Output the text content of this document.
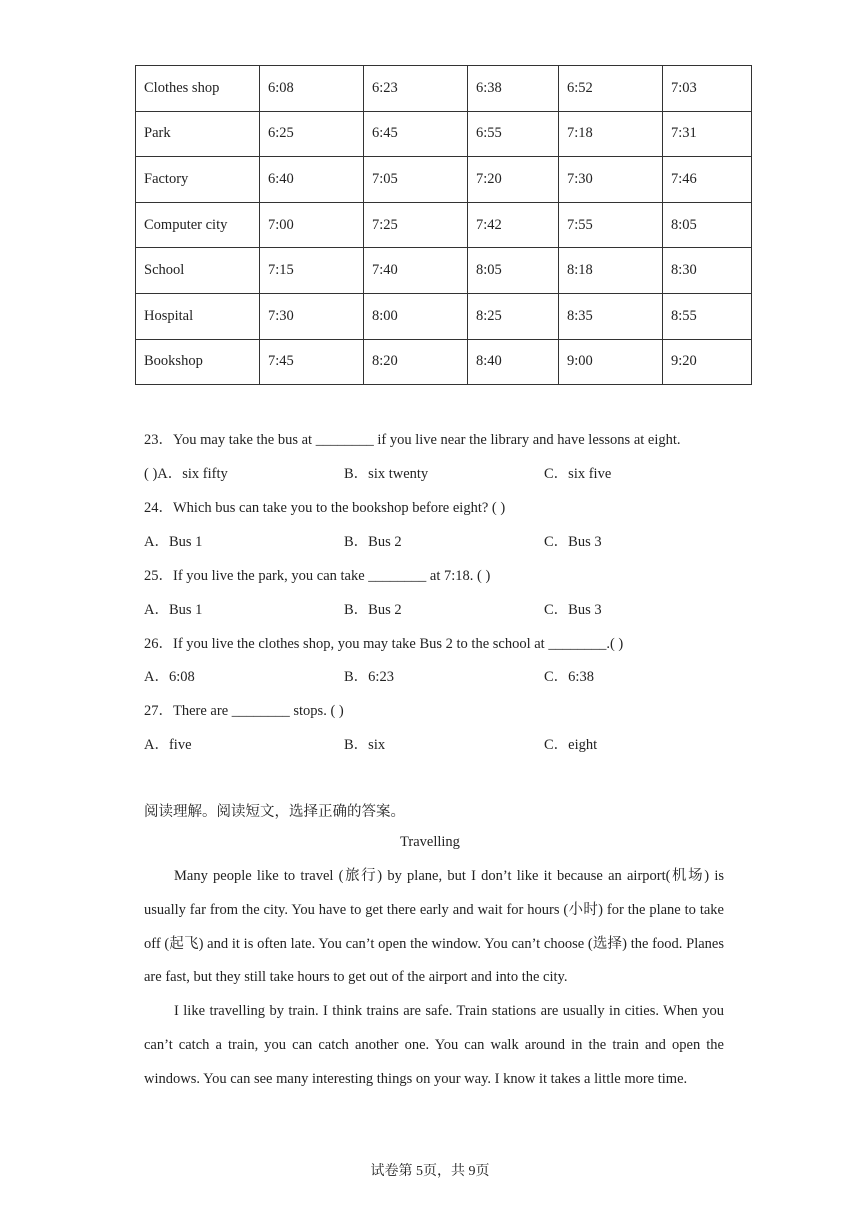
Clothes shop	6:08	6:23	6:38	6:52	7:03
Park	6:25	6:45	6:55	7:18	7:31
Factory	6:40	7:05	7:20	7:30	7:46
Computer city	7:00	7:25	7:42	7:55	8:05
School	7:15	7:40	8:05	8:18	8:30
Hospital	7:30	8:00	8:25	8:35	8:55
Bookshop	7:45	8:20	8:40	9:00	9:20
23．You may take the bus at ________ if you live near the library and have lessons at eight.
( )A．six fifty	B．six twenty	C．six five
24．Which bus can take you to the bookshop before eight? ( )
A．Bus 1	B．Bus 2	C．Bus 3
25．If you live the park, you can take ________ at 7:18. ( )
A．Bus 1	B．Bus 2	C．Bus 3
26．If you live the clothes shop, you may take Bus 2 to the school at ________.( )
A．6:08	B．6:23	C．6:38
27．There are ________ stops. ( )
A．five	B．six	C．eight
阅读理解。阅读短文，选择正确的答案。
Travelling
Many people like to travel (旅行) by plane, but I don’t like it because an airport(机场) is usually far from the city. You have to get there early and wait for hours (小时) for the plane to take off (起飞) and it is often late. You can’t open the window. You can’t choose (选择) the food. Planes are fast, but they still take hours to get out of the airport and into the city.
I like travelling by train. I think trains are safe. Train stations are usually in cities. When you can’t catch a train, you can catch another one. You can walk around in the train and open the windows. You can see many interesting things on your way. I know it takes a little more time.
试卷第 5页，共 9页
